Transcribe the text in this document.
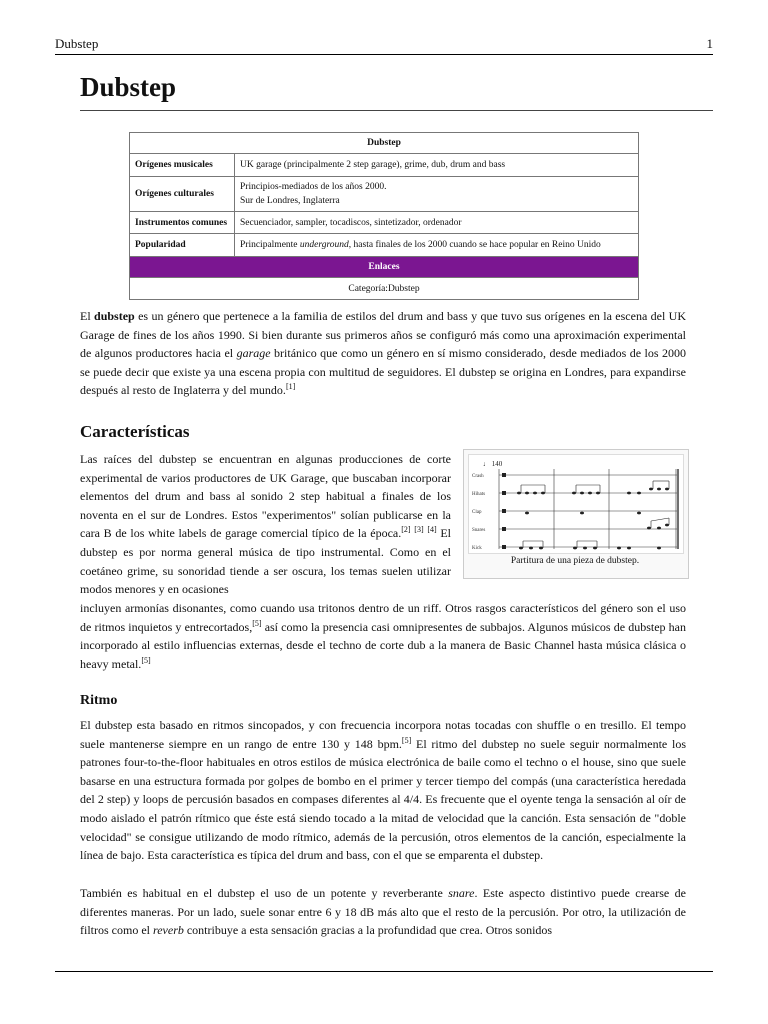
Dubstep	1
Dubstep
Dubstep	
Orígenes musicales	UK garage (principalmente 2 step garage), grime, dub, drum and bass
Orígenes culturales	Principios-mediados de los años 2000.
Sur de Londres, Inglaterra
Instrumentos comunes	Secuenciador, sampler, tocadiscos, sintetizador, ordenador
Popularidad	Principalmente underground, hasta finales de los 2000 cuando se hace popular en Reino Unido
Enlaces	
Categoría:Dubstep	

El dubstep es un género que pertenece a la familia de estilos del drum and bass y que tuvo sus orígenes en la escena del UK Garage de fines de los años 1990. Si bien durante sus primeros años se configuró más como una aproximación experimental de algunos productores hacia el garage británico que como un género en sí mismo considerado, desde mediados de los 2000 se puede decir que existe ya una escena propia con multitud de seguidores. El dubstep se origina en Londres, para expandirse después al resto de Inglaterra y del mundo.[1]

Características
Las raíces del dubstep se encuentran en algunas producciones de corte experimental de varios productores de UK Garage, que buscaban incorporar elementos del drum and bass al sonido 2 step habitual a finales de los noventa en el sur de Londres. Estos "experimentos" solían publicarse en la cara B de los white labels de garage comercial típico de la época.[2] [3] [4] El dubstep es por norma general música de tipo instrumental. Como en el coetáneo grime, su sonoridad tiende a ser oscura, los temas suelen utilizar modos menores y en ocasiones
♩ 140
Crash
Hihats
Clap
Snares
Kick
Partitura de una pieza de dubstep.

incluyen armonías disonantes, como cuando usa tritonos dentro de un riff. Otros rasgos característicos del género son el uso de ritmos inquietos y entrecortados,[5] así como la presencia casi omnipresentes de subbajos. Algunos músicos de dubstep han incorporado al estilo influencias externas, desde el techno de corte dub a la manera de Basic Channel hasta música clásica o heavy metal.[5]

Ritmo

El dubstep esta basado en ritmos sincopados, y con frecuencia incorpora notas tocadas con shuffle o en tresillo. El tempo suele mantenerse siempre en un rango de entre 130 y 148 bpm.[5] El ritmo del dubstep no suele seguir normalmente los patrones four-to-the-floor habituales en otros estilos de música electrónica de baile como el techno o el house, sino que suele basarse en una estructura formada por golpes de bombo en el primer y tercer tiempo del compás (una característica heredada del 2 step) y loops de percusión basados en compases diferentes al 4/4. Es frecuente que el oyente tenga la sensación al oír de modo aislado el patrón rítmico que éste está siendo tocado a la mitad de velocidad que la canción. Esta sensación de "doble velocidad" se consigue utilizando de modo rítmico, además de la percusión, otros elementos de la canción, especialmente la línea de bajo. Esta característica es típica del drum and bass, con el que se emparenta el dubstep.

También es habitual en el dubstep el uso de un potente y reverberante snare. Este aspecto distintivo puede crearse de diferentes maneras. Por un lado, suele sonar entre 6 y 18 dB más alto que el resto de la percusión. Por otro, la utilización de filtros como el reverb contribuye a esta sensación gracias a la profundidad que crea. Otros sonidos
